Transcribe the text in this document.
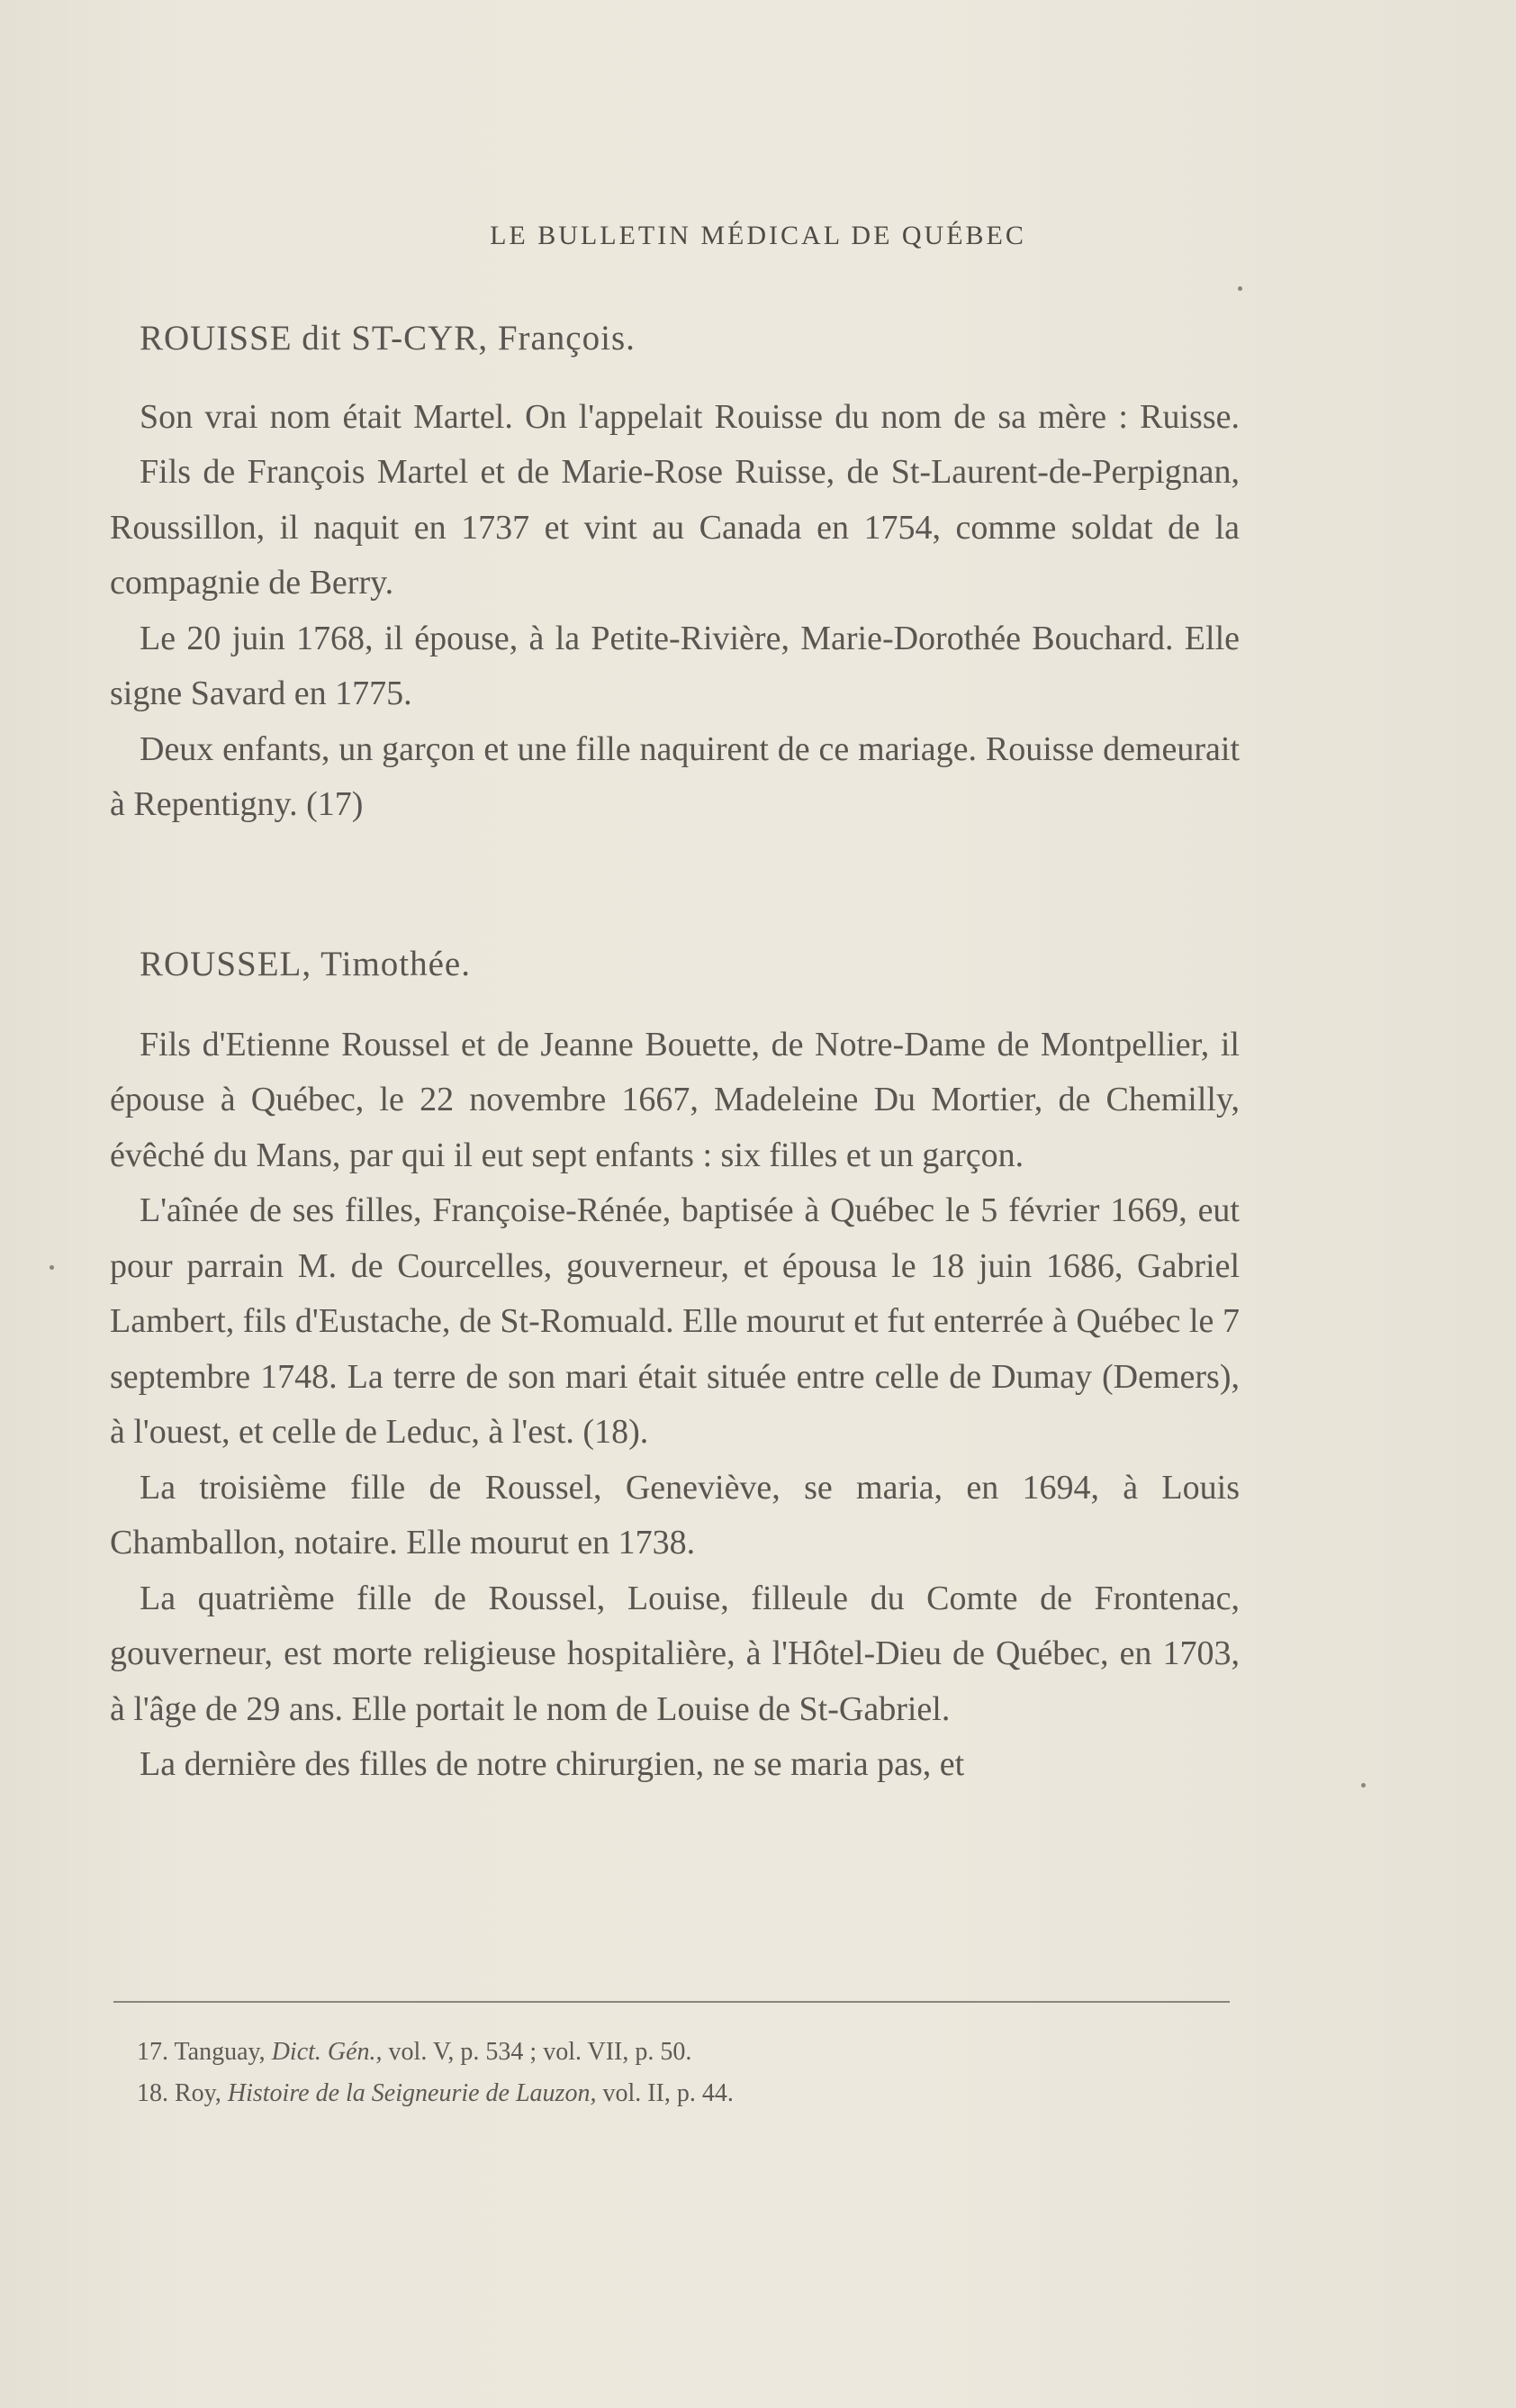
LE BULLETIN MÉDICAL DE QUÉBEC

ROUISSE dit ST-CYR, François.

Son vrai nom était Martel. On l'appelait Rouisse du nom de sa mère : Ruisse.

Fils de François Martel et de Marie-Rose Ruisse, de St-Laurent-de-Perpignan, Roussillon, il naquit en 1737 et vint au Canada en 1754, comme soldat de la compagnie de Berry.

Le 20 juin 1768, il épouse, à la Petite-Rivière, Marie-Dorothée Bouchard. Elle signe Savard en 1775.

Deux enfants, un garçon et une fille naquirent de ce mariage. Rouisse demeurait à Repentigny. (17)

ROUSSEL, Timothée.

Fils d'Etienne Roussel et de Jeanne Bouette, de Notre-Dame de Montpellier, il épouse à Québec, le 22 novembre 1667, Madeleine Du Mortier, de Chemilly, évêché du Mans, par qui il eut sept enfants : six filles et un garçon.

L'aînée de ses filles, Françoise-Rénée, baptisée à Québec le 5 février 1669, eut pour parrain M. de Courcelles, gouverneur, et épousa le 18 juin 1686, Gabriel Lambert, fils d'Eustache, de St-Romuald. Elle mourut et fut enterrée à Québec le 7 septembre 1748. La terre de son mari était située entre celle de Dumay (Demers), à l'ouest, et celle de Leduc, à l'est. (18).

La troisième fille de Roussel, Geneviève, se maria, en 1694, à Louis Chamballon, notaire. Elle mourut en 1738.

La quatrième fille de Roussel, Louise, filleule du Comte de Frontenac, gouverneur, est morte religieuse hospitalière, à l'Hôtel-Dieu de Québec, en 1703, à l'âge de 29 ans. Elle portait le nom de Louise de St-Gabriel.

La dernière des filles de notre chirurgien, ne se maria pas, et

17. Tanguay, Dict. Gén., vol. V, p. 534 ; vol. VII, p. 50.
18. Roy, Histoire de la Seigneurie de Lauzon, vol. II, p. 44.
